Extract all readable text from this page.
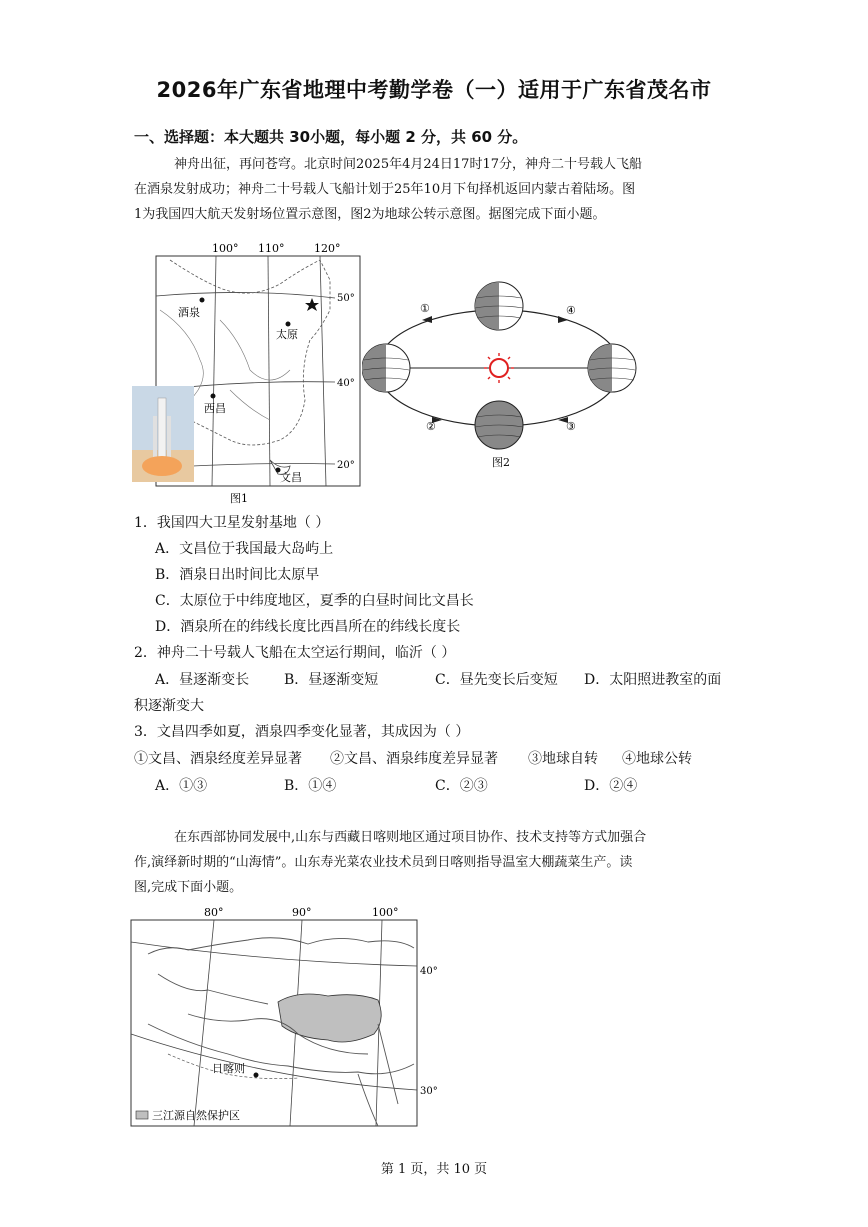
2026年广东省地理中考勤学卷（一）适用于广东省茂名市
一、选择题：本大题共 30小题，每小题 2 分，共 60 分。
神舟出征，再问苍穹。北京时间2025年4月24日17时17分，神舟二十号载人飞船
在酒泉发射成功；神舟二十号载人飞船计划于25年10月下旬择机返回内蒙古着陆场。图
1为我国四大航天发射场位置示意图，图2为地球公转示意图。据图完成下面小题。
100° 110°	120°
50°
40°
20°
酒泉
太原
西昌
文昌
图1
①	④
②	③
图2
1．我国四大卫星发射基地（ ）
A．文昌位于我国最大岛屿上
B．酒泉日出时间比太原早
C．太原位于中纬度地区，夏季的白昼时间比文昌长
D．酒泉所在的纬线长度比西昌所在的纬线长度长
2．神舟二十号载人飞船在太空运行期间，临沂（ ）
A．昼逐渐变长 B．昼逐渐变短	C．昼先变长后变短 D．太阳照进教室的面
积逐渐变大
3．文昌四季如夏，酒泉四季变化显著，其成因为（ ）
①文昌、酒泉经度差异显著 ②文昌、酒泉纬度差异显著 ③地球自转 ④地球公转
A．①③	B．①④	C．②③	D．②④
在东西部协同发展中,山东与西藏日喀则地区通过项目协作、技术支持等方式加强合
作,演绎新时期的“山海情”。山东寿光菜农业技术员到日喀则指导温室大棚蔬菜生产。读
图,完成下面小题。
80°	90°	100°
40°
30°
日喀则
三江源自然保护区
第 1 页，共 10 页
